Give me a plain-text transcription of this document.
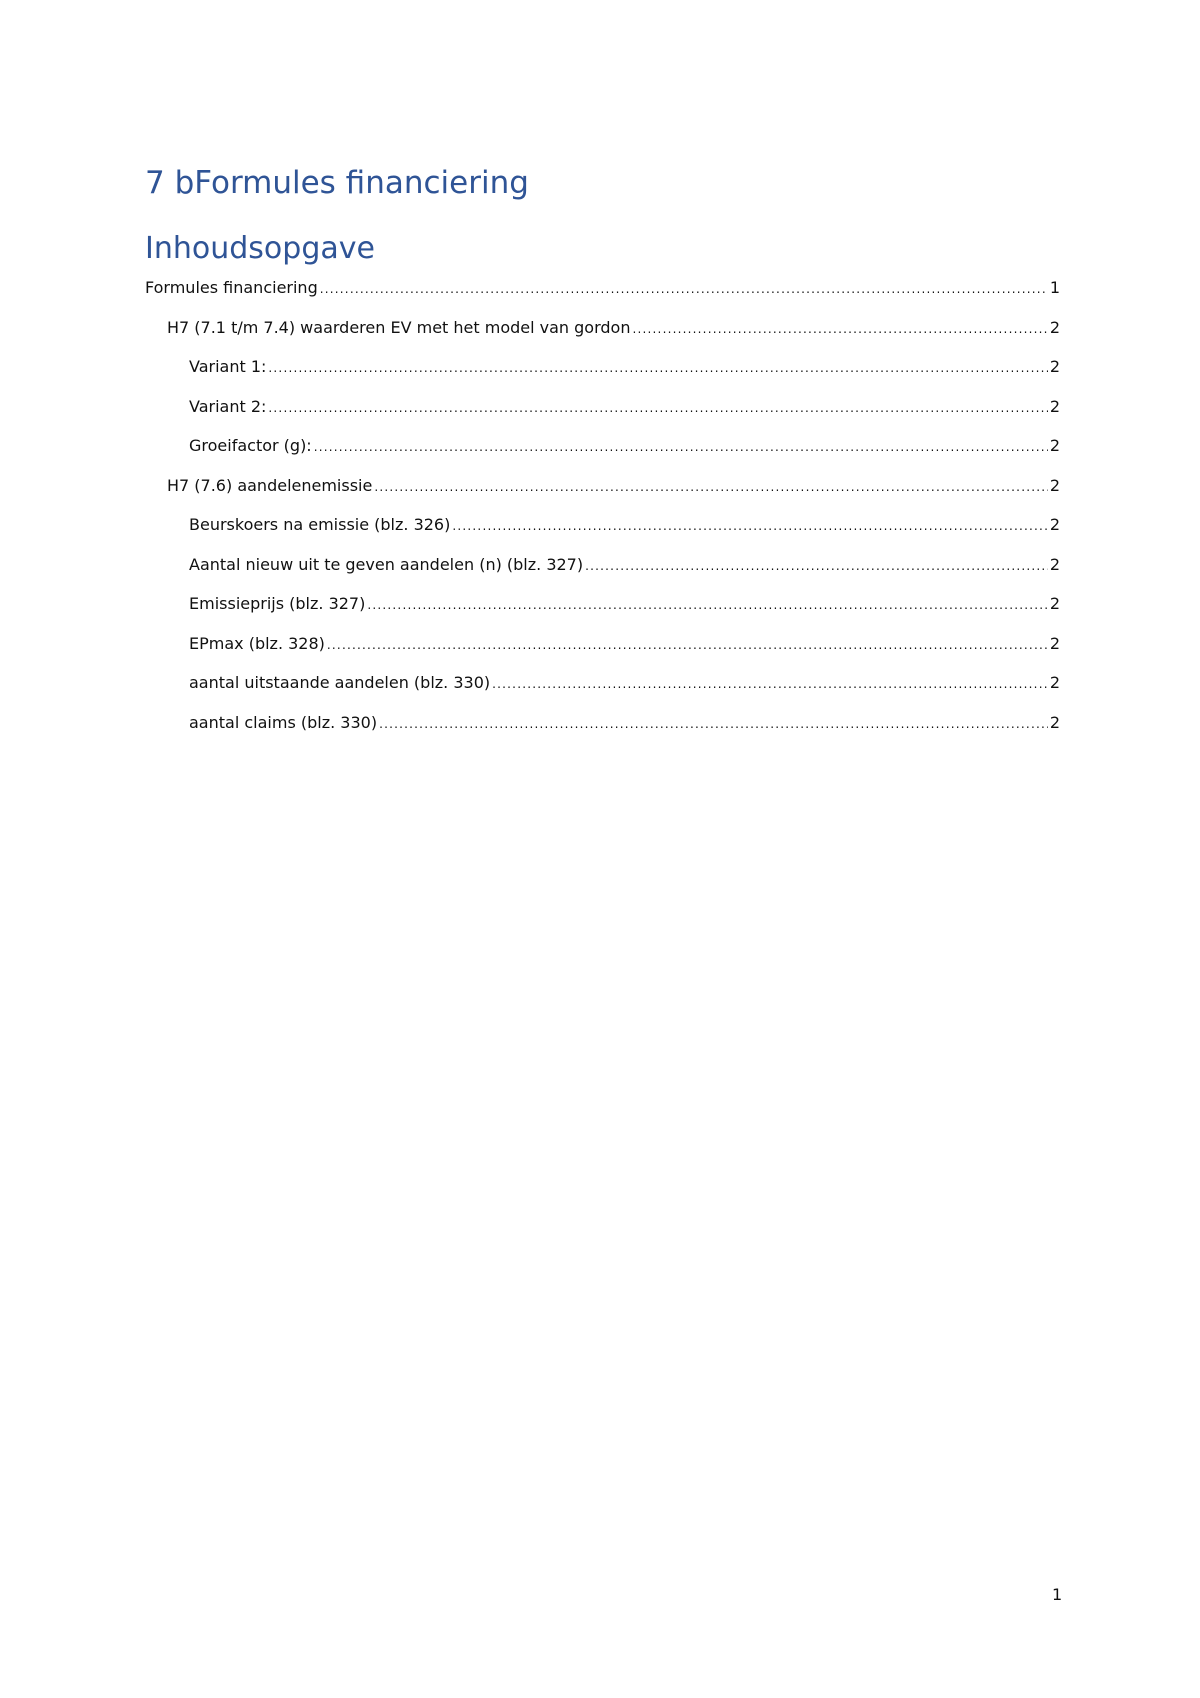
7 bFormules financiering
Inhoudsopgave
Formules financiering .....	1
H7 (7.1 t/m 7.4) waarderen EV met het model van gordon .....	2
Variant 1: .....	2
Variant 2: .....	2
Groeifactor (g): .....	2
H7 (7.6) aandelenemissie .....	2
Beurskoers na emissie (blz. 326) .....	2
Aantal nieuw uit te geven aandelen (n) (blz. 327) .....	2
Emissieprijs (blz. 327) .....	2
EPmax (blz. 328) .....	2
aantal uitstaande aandelen (blz. 330) .....	2
aantal claims (blz. 330) .....	2
1
